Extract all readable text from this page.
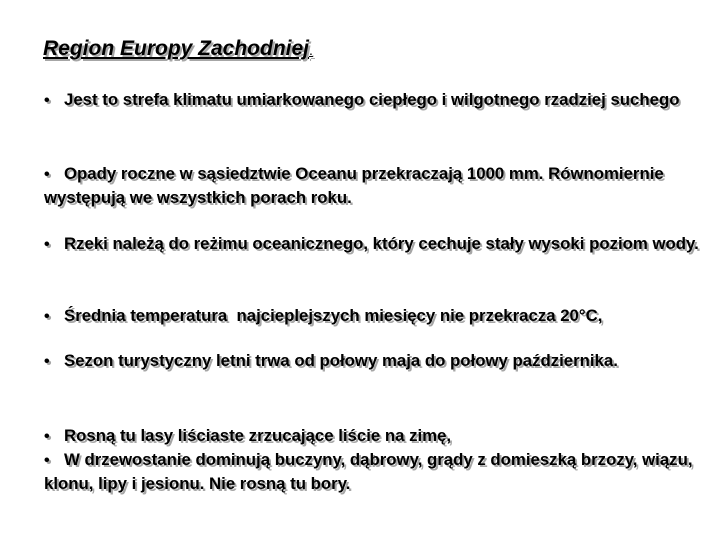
Region Europy Zachodniej.
• Jest to strefa klimatu umiarkowanego ciepłego i wilgotnego rzadziej suchego
• Opady roczne w sąsiedztwie Oceanu przekraczają 1000 mm. Równomiernie występują we wszystkich porach roku.
• Rzeki należą do reżimu oceanicznego, który cechuje stały wysoki poziom wody.
• Średnia temperatura  najcieplejszych miesięcy nie przekracza 20°C,
• Sezon turystyczny letni trwa od połowy maja do połowy października.
• Rosną tu lasy liściaste zrzucające liście na zimę,
• W drzewostanie dominują buczyny, dąbrowy, grądy z domieszką brzozy, wiązu, klonu, lipy i jesionu. Nie rosną tu bory.
